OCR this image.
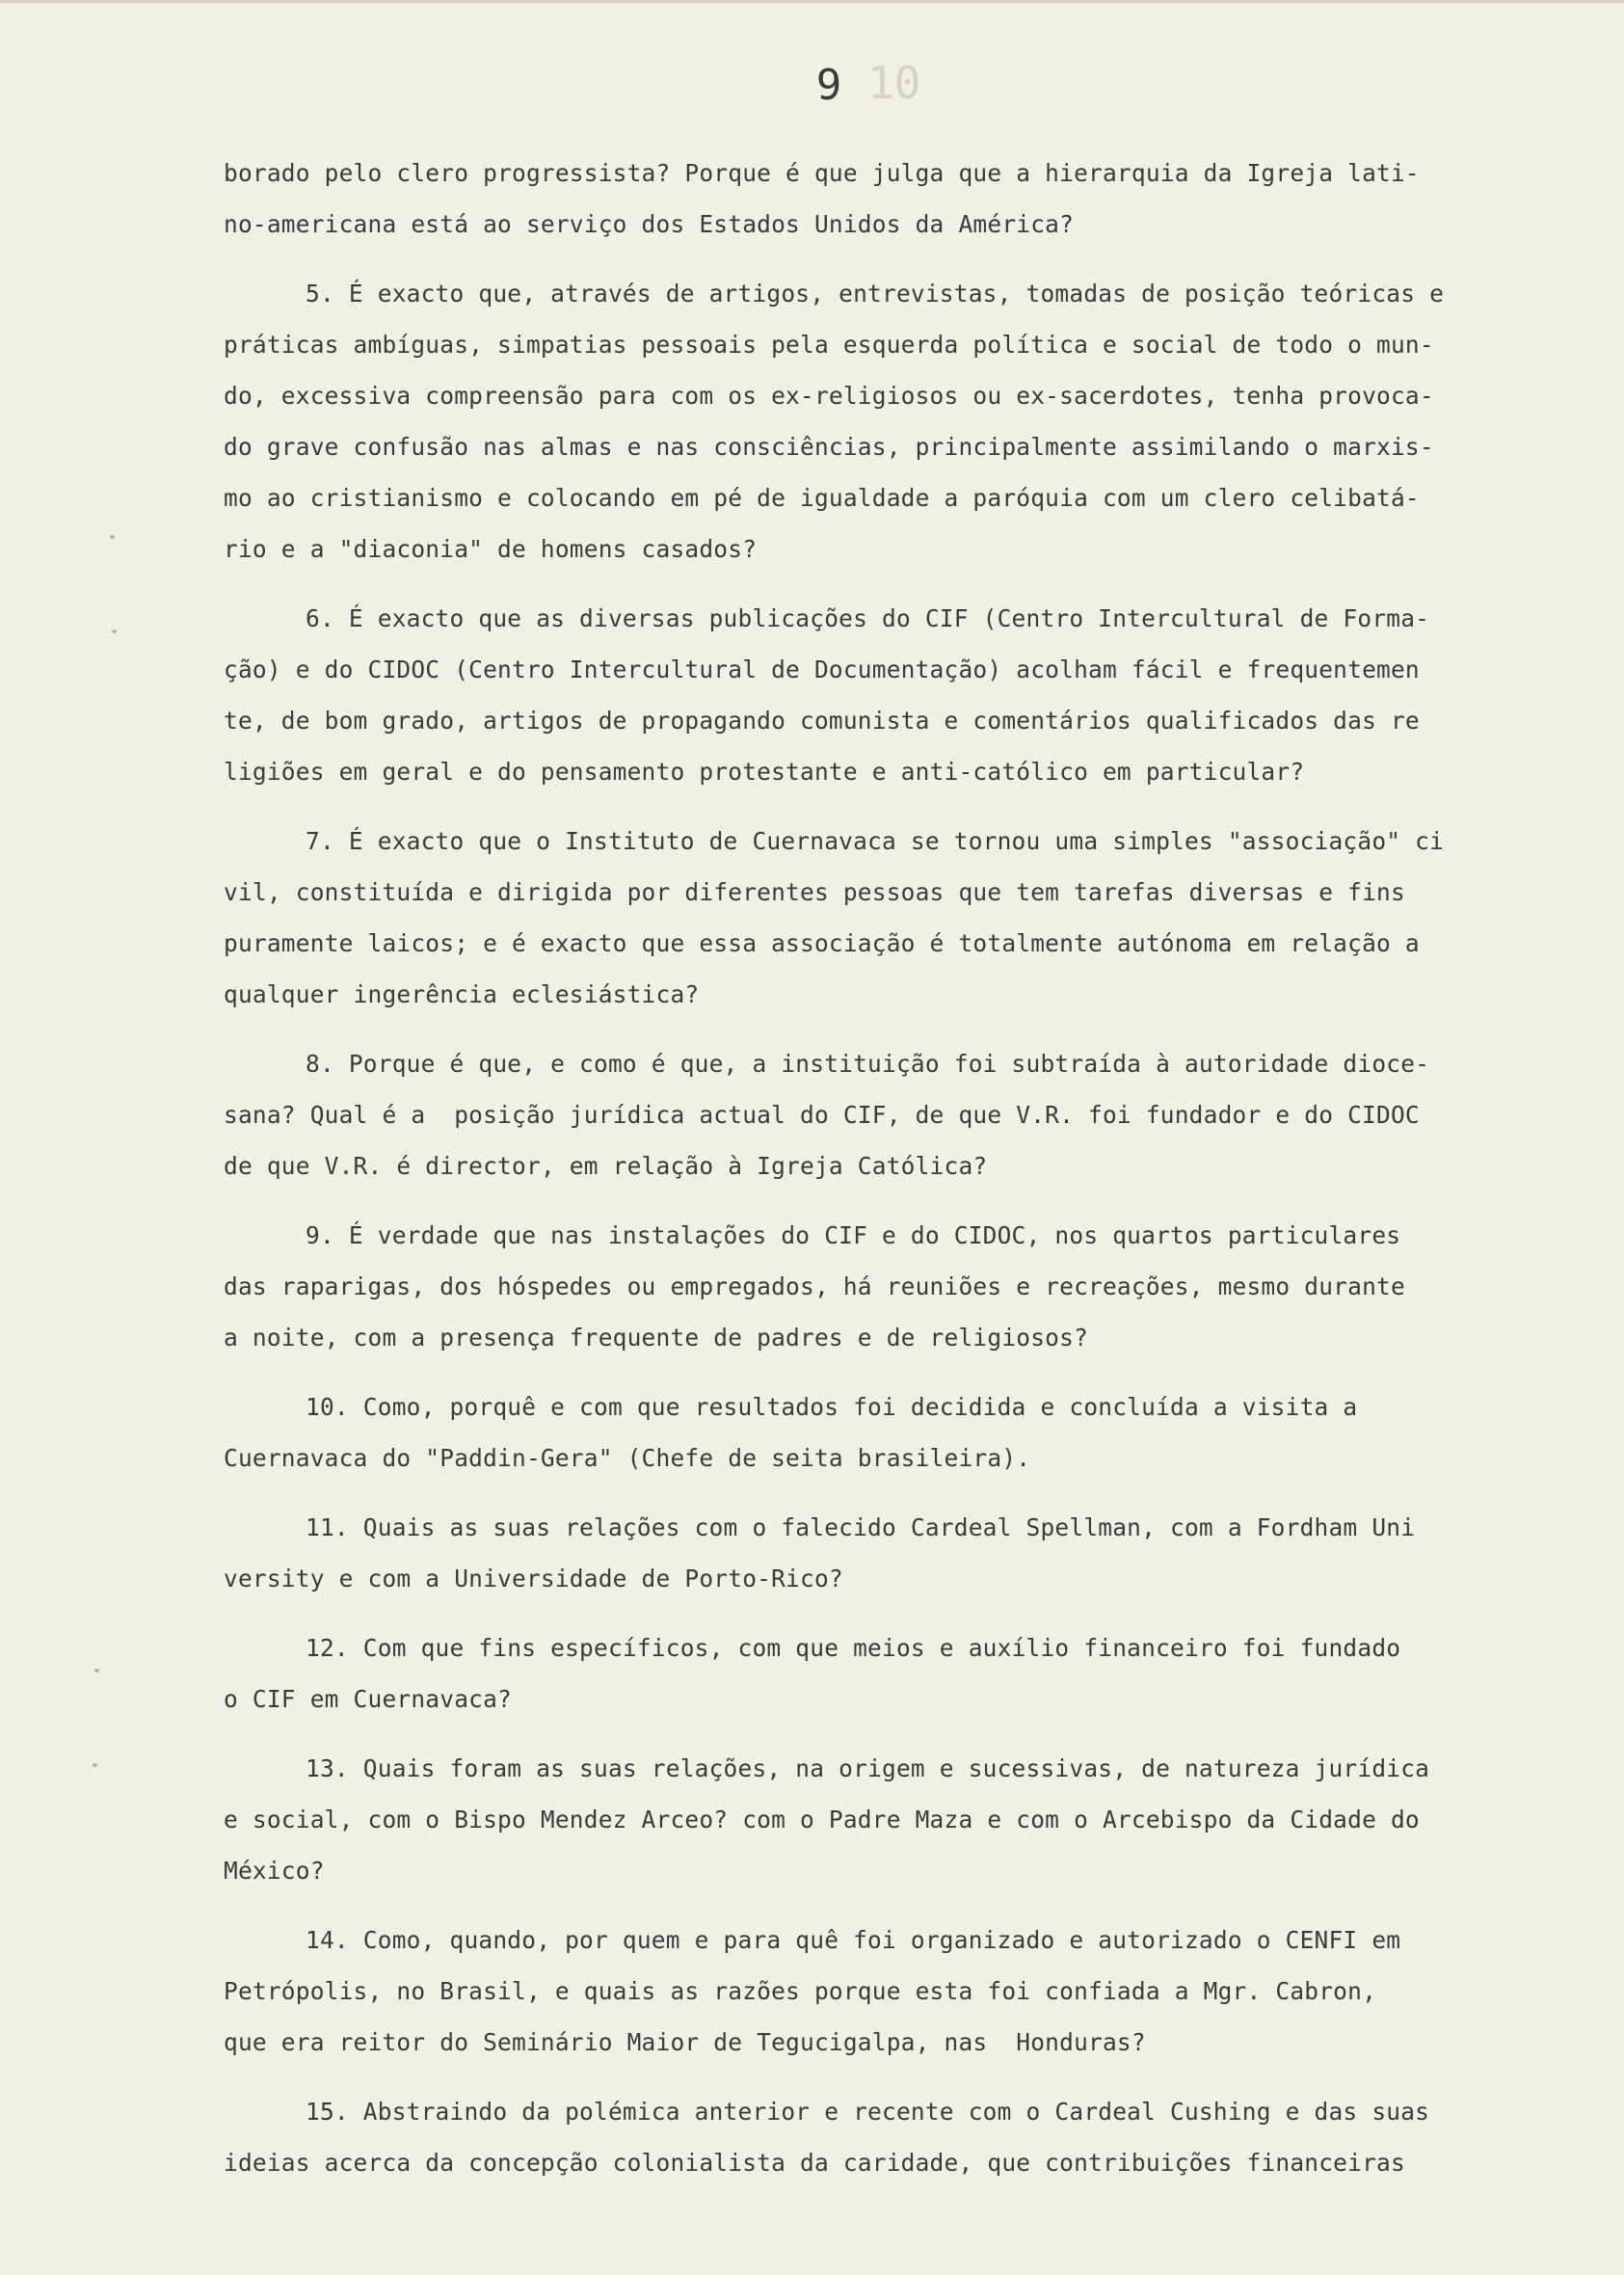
10
9
borado pelo clero progressista? Porque é que julga que a hierarquia da Igreja lati-
no-americana está ao serviço dos Estados Unidos da América?
5. É exacto que, através de artigos, entrevistas, tomadas de posição teóricas e
práticas ambíguas, simpatias pessoais pela esquerda política e social de todo o mun-
do, excessiva compreensão para com os ex-religiosos ou ex-sacerdotes, tenha provoca-
do grave confusão nas almas e nas consciências, principalmente assimilando o marxis-
mo ao cristianismo e colocando em pé de igualdade a paróquia com um clero celibatá-
rio e a "diaconia" de homens casados?
6. É exacto que as diversas publicações do CIF (Centro Intercultural de Forma-
ção) e do CIDOC (Centro Intercultural de Documentação) acolham fácil e frequentemen
te, de bom grado, artigos de propagando comunista e comentários qualificados das re
ligiões em geral e do pensamento protestante e anti-católico em particular?
7. É exacto que o Instituto de Cuernavaca se tornou uma simples "associação" ci
vil, constituída e dirigida por diferentes pessoas que tem tarefas diversas e fins
puramente laicos; e é exacto que essa associação é totalmente autónoma em relação a
qualquer ingerência eclesiástica?
8. Porque é que, e como é que, a instituição foi subtraída à autoridade dioce-
sana? Qual é a  posição jurídica actual do CIF, de que V.R. foi fundador e do CIDOC
de que V.R. é director, em relação à Igreja Católica?
9. É verdade que nas instalações do CIF e do CIDOC, nos quartos particulares
das raparigas, dos hóspedes ou empregados, há reuniões e recreações, mesmo durante
a noite, com a presença frequente de padres e de religiosos?
10. Como, porquê e com que resultados foi decidida e concluída a visita a
Cuernavaca do "Paddin-Gera" (Chefe de seita brasileira).
11. Quais as suas relações com o falecido Cardeal Spellman, com a Fordham Uni
versity e com a Universidade de Porto-Rico?
12. Com que fins específicos, com que meios e auxílio financeiro foi fundado
o CIF em Cuernavaca?
13. Quais foram as suas relações, na origem e sucessivas, de natureza jurídica
e social, com o Bispo Mendez Arceo? com o Padre Maza e com o Arcebispo da Cidade do
México?
14. Como, quando, por quem e para quê foi organizado e autorizado o CENFI em
Petrópolis, no Brasil, e quais as razões porque esta foi confiada a Mgr. Cabron,
que era reitor do Seminário Maior de Tegucigalpa, nas  Honduras?
15. Abstraindo da polémica anterior e recente com o Cardeal Cushing e das suas
ideias acerca da concepção colonialista da caridade, que contribuições financeiras
